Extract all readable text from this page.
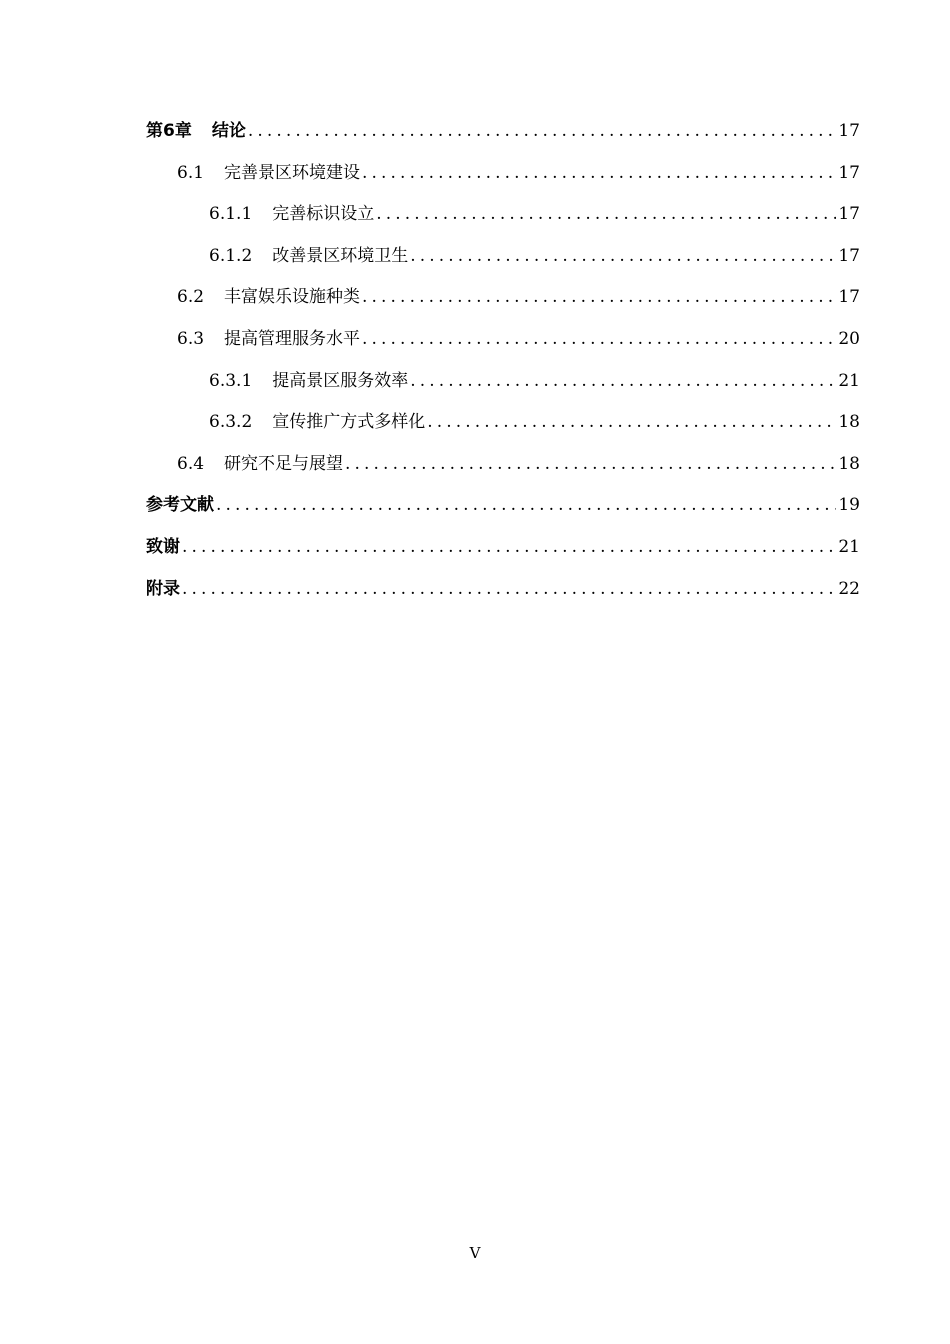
第6章 结论 .....	17
6.1 完善景区环境建设 .....	17
6.1.1 完善标识设立 .....	17
6.1.2 改善景区环境卫生 .....	17
6.2 丰富娱乐设施种类 .....	17
6.3 提高管理服务水平 .....	20
6.3.1 提高景区服务效率 .....	21
6.3.2 宣传推广方式多样化 .....	18
6.4 研究不足与展望 .....	18
参考文献 .....	19
致谢 .....	21
附录 .....	22
V
